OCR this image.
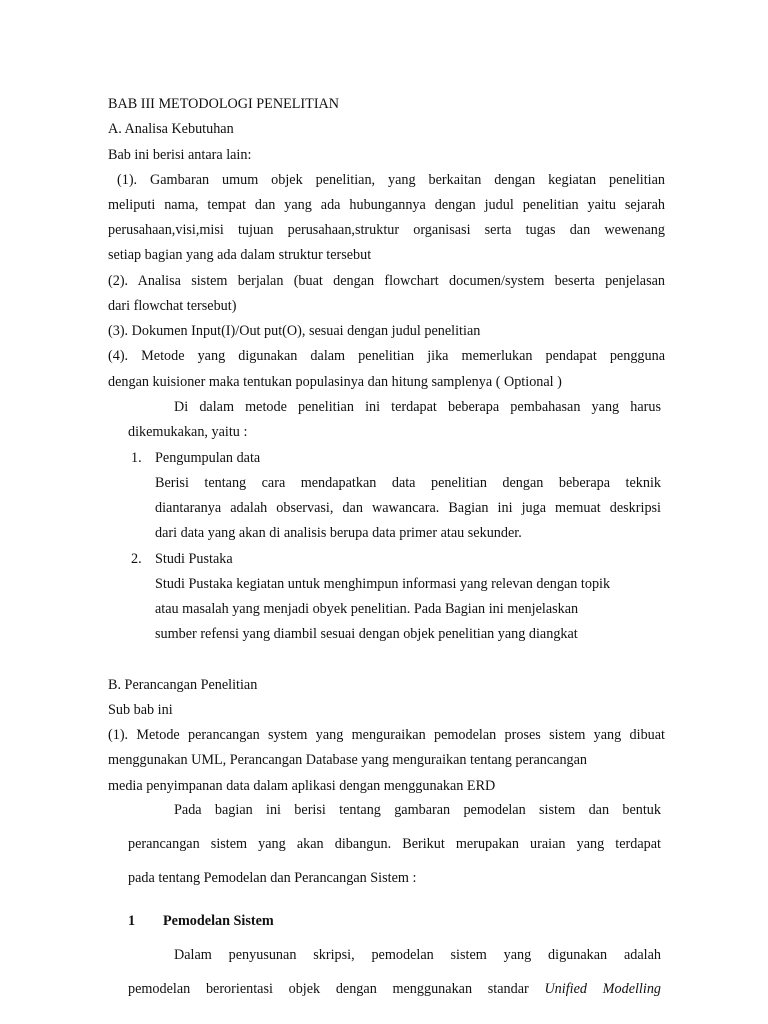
BAB III METODOLOGI PENELITIAN
A. Analisa Kebutuhan
Bab ini berisi antara lain:
(1). Gambaran umum objek penelitian, yang berkaitan dengan kegiatan penelitian
meliputi nama, tempat dan yang ada hubungannya dengan judul penelitian yaitu sejarah
perusahaan,visi,misi tujuan perusahaan,struktur organisasi serta tugas dan wewenang
setiap bagian yang ada dalam struktur tersebut
(2). Analisa sistem berjalan (buat dengan flowchart documen/system beserta penjelasan
dari flowchat tersebut)
(3). Dokumen Input(I)/Out put(O), sesuai dengan judul penelitian
(4). Metode yang digunakan dalam penelitian jika memerlukan pendapat pengguna
dengan kuisioner maka tentukan populasinya dan hitung samplenya ( Optional )
Di dalam metode penelitian ini terdapat beberapa pembahasan yang harus
dikemukakan, yaitu :
1. Pengumpulan data
Berisi tentang cara mendapatkan data penelitian dengan beberapa teknik
diantaranya adalah observasi, dan wawancara. Bagian ini juga memuat deskripsi
dari data yang akan di analisis berupa data primer atau sekunder.
2. Studi Pustaka
Studi Pustaka kegiatan untuk menghimpun informasi yang relevan dengan topik
atau masalah yang menjadi obyek penelitian. Pada Bagian ini menjelaskan
sumber refensi yang diambil sesuai dengan objek penelitian yang diangkat
B. Perancangan Penelitian
Sub bab ini
(1). Metode perancangan system yang menguraikan pemodelan proses sistem yang dibuat
menggunakan UML, Perancangan Database yang menguraikan tentang perancangan
media penyimpanan data dalam aplikasi dengan menggunakan ERD
Pada bagian ini berisi tentang gambaran pemodelan sistem dan bentuk
perancangan sistem yang akan dibangun. Berikut merupakan uraian yang terdapat
pada tentang Pemodelan dan Perancangan Sistem :
1 Pemodelan Sistem
Dalam penyusunan skripsi, pemodelan sistem yang digunakan adalah
pemodelan berorientasi objek dengan menggunakan standar Unified Modelling
